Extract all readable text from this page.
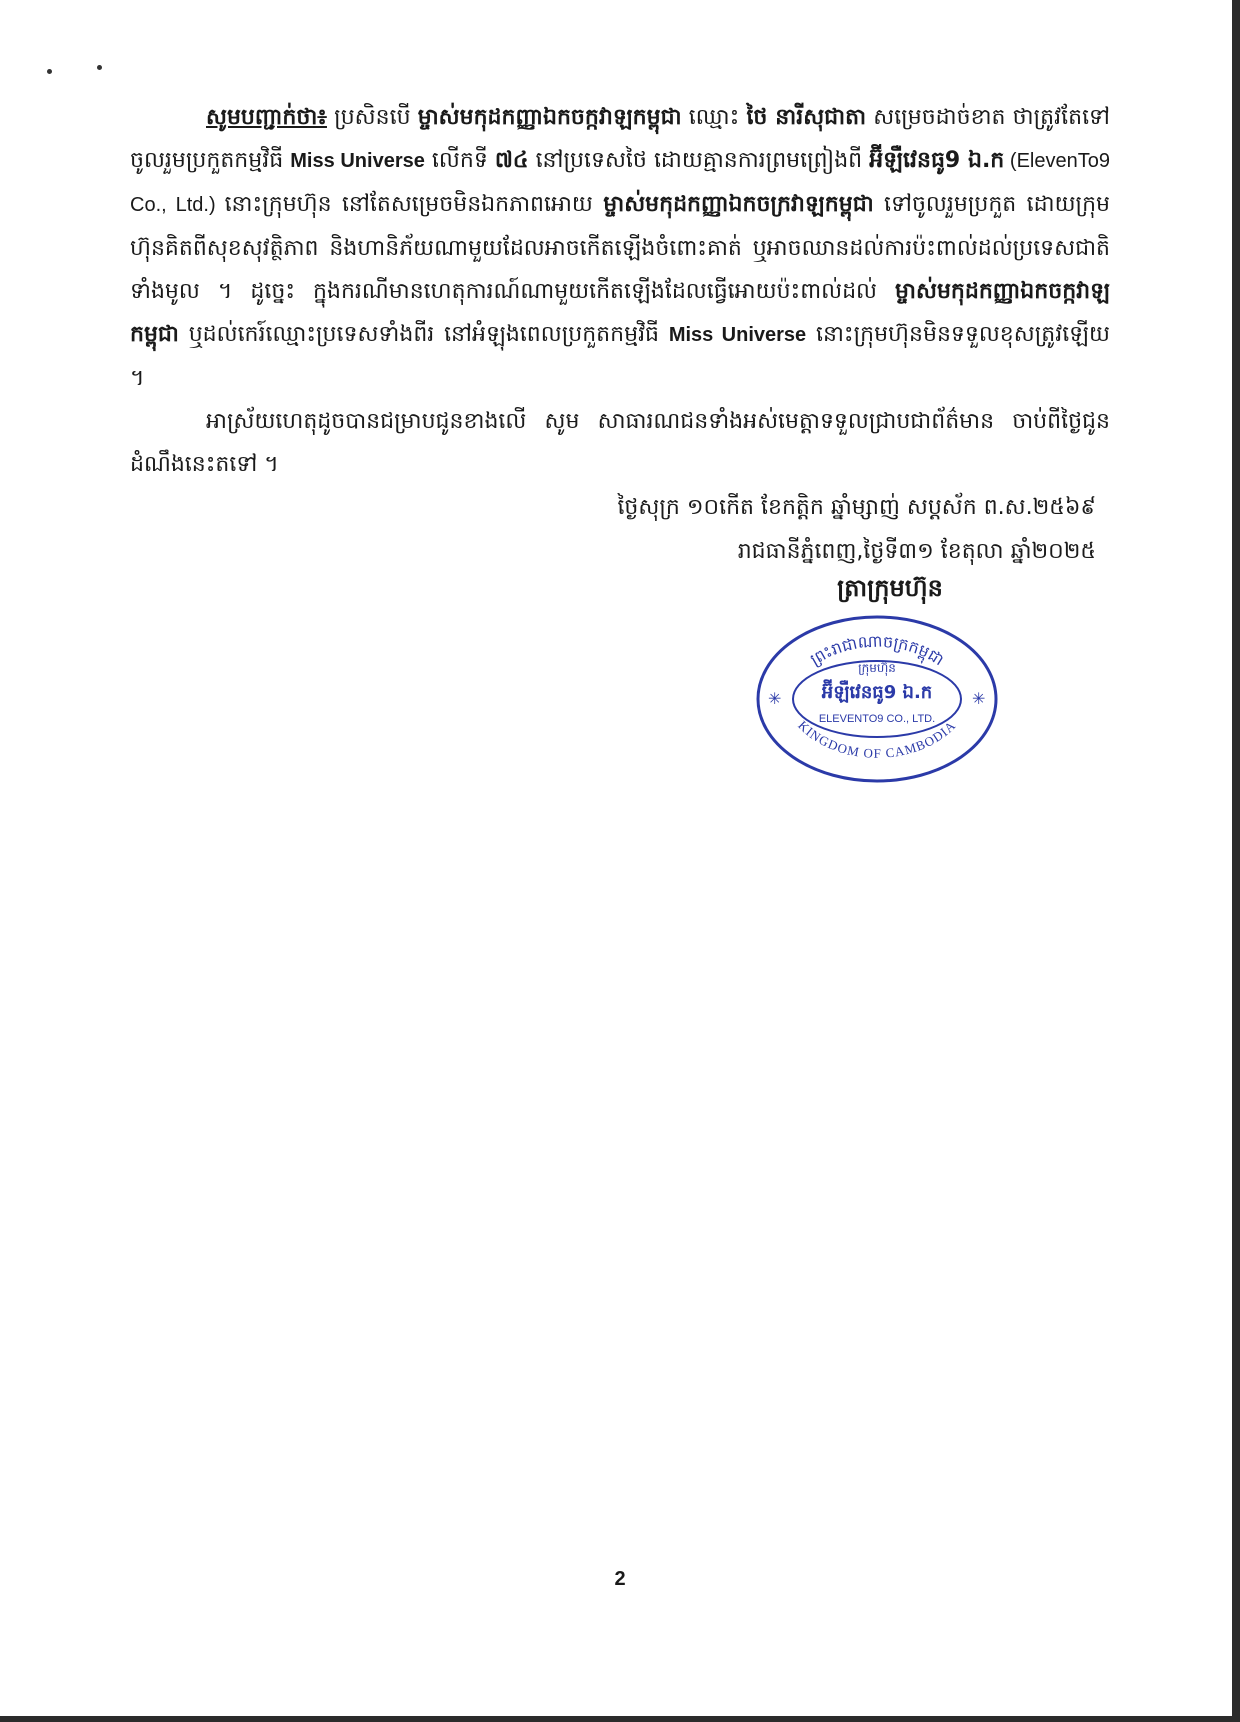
សូមបញ្ជាក់ថា៖ ប្រសិនបើ ម្ចាស់មកុដកញ្ញាឯកចក្កវាឡកម្ពុជា ឈ្មោះ ថៃ នារីសុជាតា សម្រេចដាច់ខាត ថាត្រូវតែទៅចូលរួមប្រកួតកម្មវិធី Miss Universe លើកទី ៧៤ នៅប្រទេសថៃ ដោយគ្មានការព្រមព្រៀងពី អ៊ីឡឺវេនធូ9 ឯ.ក (ElevenTo9 Co., Ltd.) នោះក្រុមហ៊ុន នៅតែសម្រេចមិនឯកភាពអោយ ម្ចាស់មកុដកញ្ញាឯកចក្រវាឡកម្ពុជា ទៅចូលរួមប្រកួត ដោយក្រុមហ៊ុនគិតពីសុខសុវត្ថិភាព និងហានិភ័យណាមួយដែលអាចកើតឡើងចំពោះគាត់ ឬអាចឈានដល់ការប៉ះពាល់ដល់ប្រទេសជាតិទាំងមូល ។ ដូច្នេះ ក្នុងករណីមានហេតុការណ៍ណាមួយកើតឡើងដែលធ្វើអោយប៉ះពាល់ដល់ ម្ចាស់មកុដកញ្ញាឯកចក្កវាឡកម្ពុជា ឬដល់កេរ៍ឈ្មោះប្រទេសទាំងពីរ នៅអំឡុងពេលប្រកួតកម្មវិធី Miss Universe នោះក្រុមហ៊ុនមិនទទួលខុសត្រូវឡើយ ។

អាស្រ័យហេតុដូចបានជម្រាបជូនខាងលើ សូម សាធារណជនទាំងអស់មេត្តាទទួលជ្រាបជាព័ត៌មាន ចាប់ពីថ្ងៃជូនដំណឹងនេះតទៅ ។

ថ្ងៃសុក្រ ១០កើត ខែកត្តិក ឆ្នាំម្សាញ់ សប្តស័ក ព.ស.២៥៦៩
រាជធានីភ្នំពេញ,ថ្ងៃទី៣១ ខែតុលា ឆ្នាំ២០២៥
ត្រាក្រុមហ៊ុន
ព្រះរាជាណាចក្រកម្ពុជា
ក្រុមហ៊ុន
អ៊ីឡឺវេនធូ9 ឯ.ក
ELEVENTO9 CO., LTD.
✳	✳
KINGDOM OF CAMBODIA
2
